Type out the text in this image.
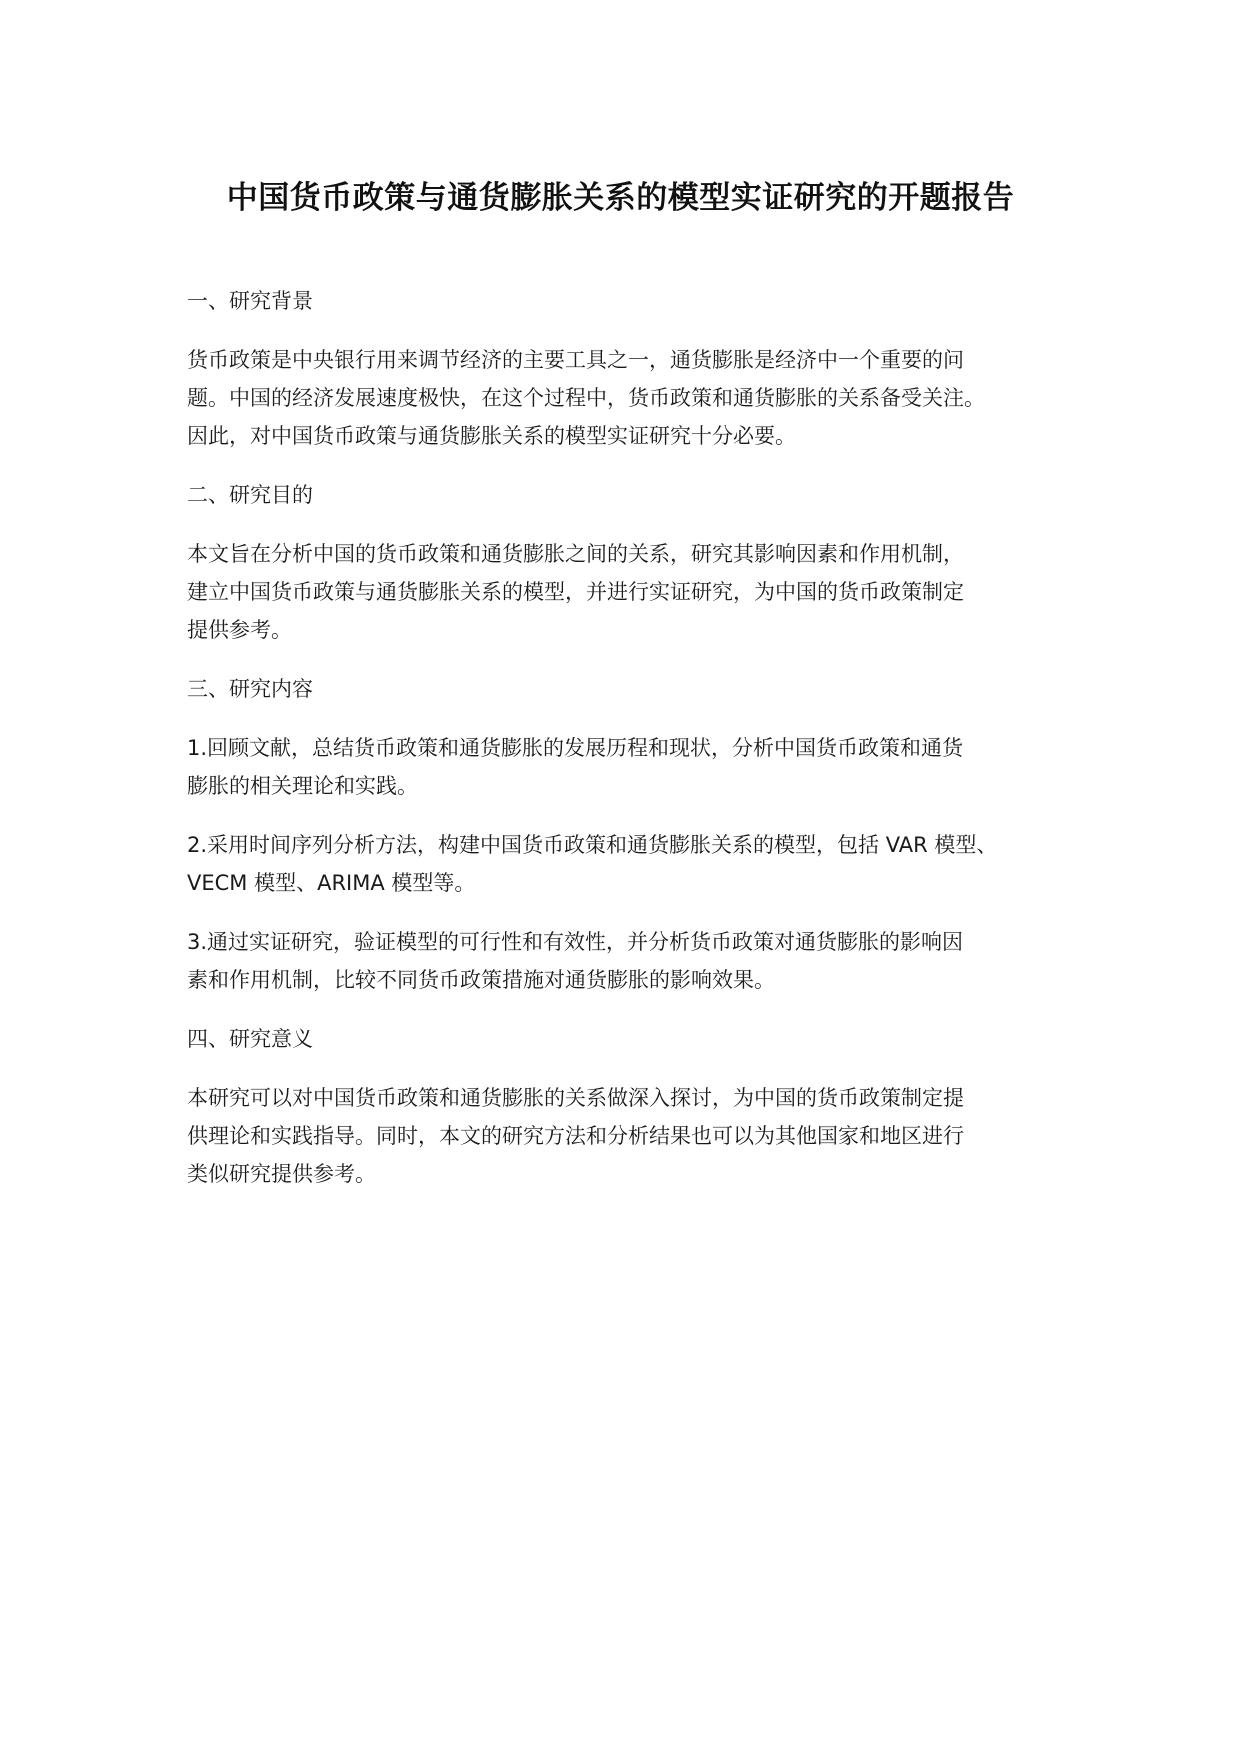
中国货币政策与通货膨胀关系的模型实证研究的开题报告
一、研究背景
货币政策是中央银行用来调节经济的主要工具之一，通货膨胀是经济中一个重要的问
题。中国的经济发展速度极快，在这个过程中，货币政策和通货膨胀的关系备受关注。
因此，对中国货币政策与通货膨胀关系的模型实证研究十分必要。
二、研究目的
本文旨在分析中国的货币政策和通货膨胀之间的关系，研究其影响因素和作用机制，
建立中国货币政策与通货膨胀关系的模型，并进行实证研究，为中国的货币政策制定
提供参考。
三、研究内容
1.回顾文献，总结货币政策和通货膨胀的发展历程和现状，分析中国货币政策和通货
膨胀的相关理论和实践。
2.采用时间序列分析方法，构建中国货币政策和通货膨胀关系的模型，包括 VAR 模型、
VECM 模型、ARIMA 模型等。
3.通过实证研究，验证模型的可行性和有效性，并分析货币政策对通货膨胀的影响因
素和作用机制，比较不同货币政策措施对通货膨胀的影响效果。
四、研究意义
本研究可以对中国货币政策和通货膨胀的关系做深入探讨，为中国的货币政策制定提
供理论和实践指导。同时，本文的研究方法和分析结果也可以为其他国家和地区进行
类似研究提供参考。
